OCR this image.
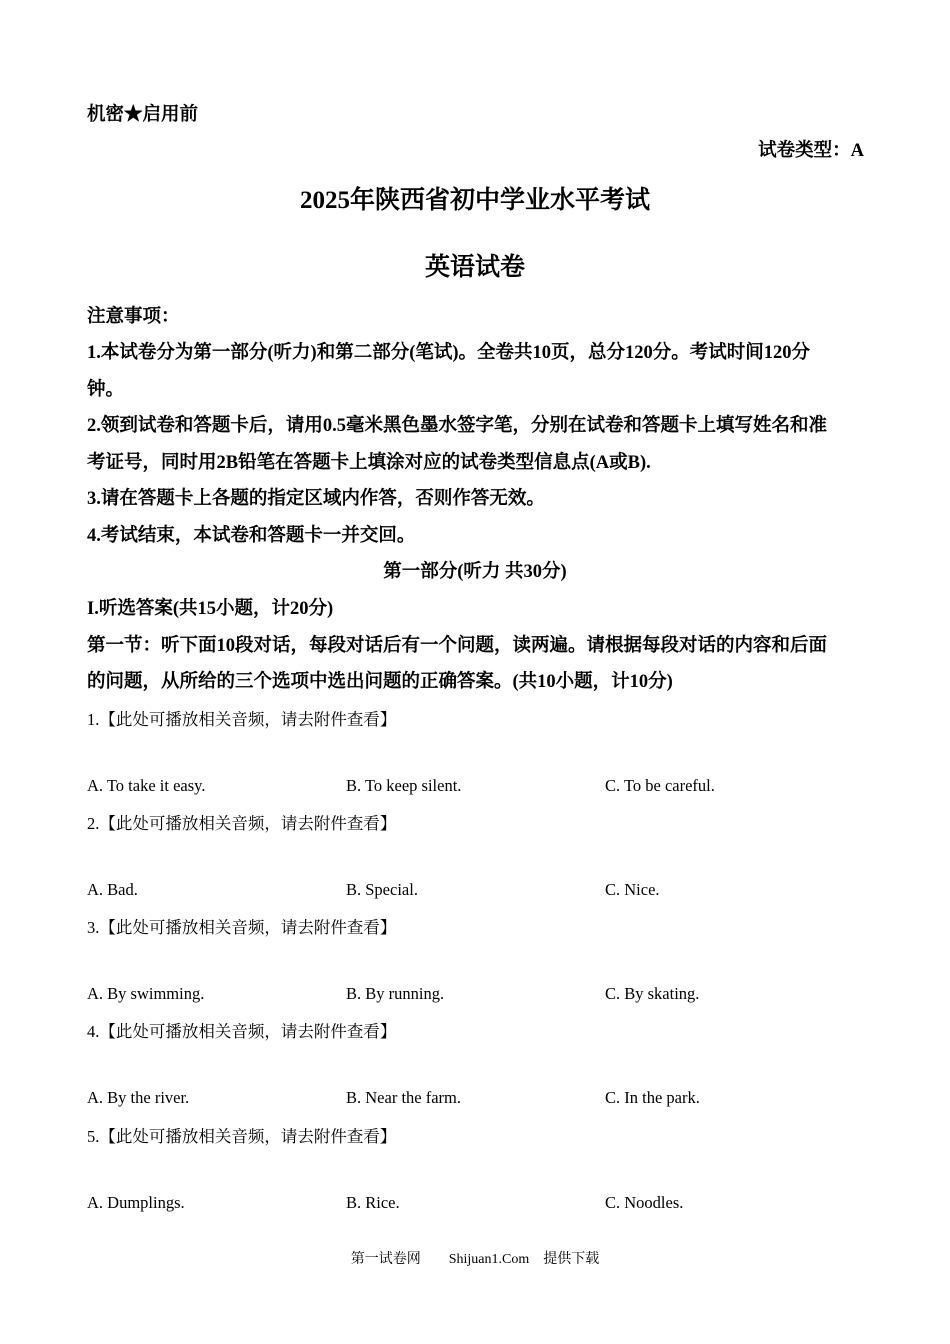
机密★启用前
试卷类型：A
2025年陕西省初中学业水平考试
英语试卷
注意事项：
1.本试卷分为第一部分(听力)和第二部分(笔试)。全卷共10页，总分120分。考试时间120分
钟。
2.领到试卷和答题卡后，请用0.5毫米黑色墨水签字笔，分别在试卷和答题卡上填写姓名和准
考证号，同时用2B铅笔在答题卡上填涂对应的试卷类型信息点(A或B).
3.请在答题卡上各题的指定区域内作答，否则作答无效。
4.考试结束，本试卷和答题卡一并交回。
第一部分(听力 共30分)
I.听选答案(共15小题，计20分)
第一节：听下面10段对话，每段对话后有一个问题，读两遍。请根据每段对话的内容和后面
的问题，从所给的三个选项中选出问题的正确答案。(共10小题，计10分)
1.【此处可播放相关音频，请去附件查看】
A. To take it easy.	B. To keep silent.	C. To be careful.
2.【此处可播放相关音频，请去附件查看】
A. Bad.	B. Special.	C. Nice.
3.【此处可播放相关音频，请去附件查看】
A. By swimming.	B. By running.	C. By skating.
4.【此处可播放相关音频，请去附件查看】
A. By the river.	B. Near the farm.	C. In the park.
5.【此处可播放相关音频，请去附件查看】
A. Dumplings.	B. Rice.	C. Noodles.
第一试卷网　　Shijuan1.Com　提供下载
